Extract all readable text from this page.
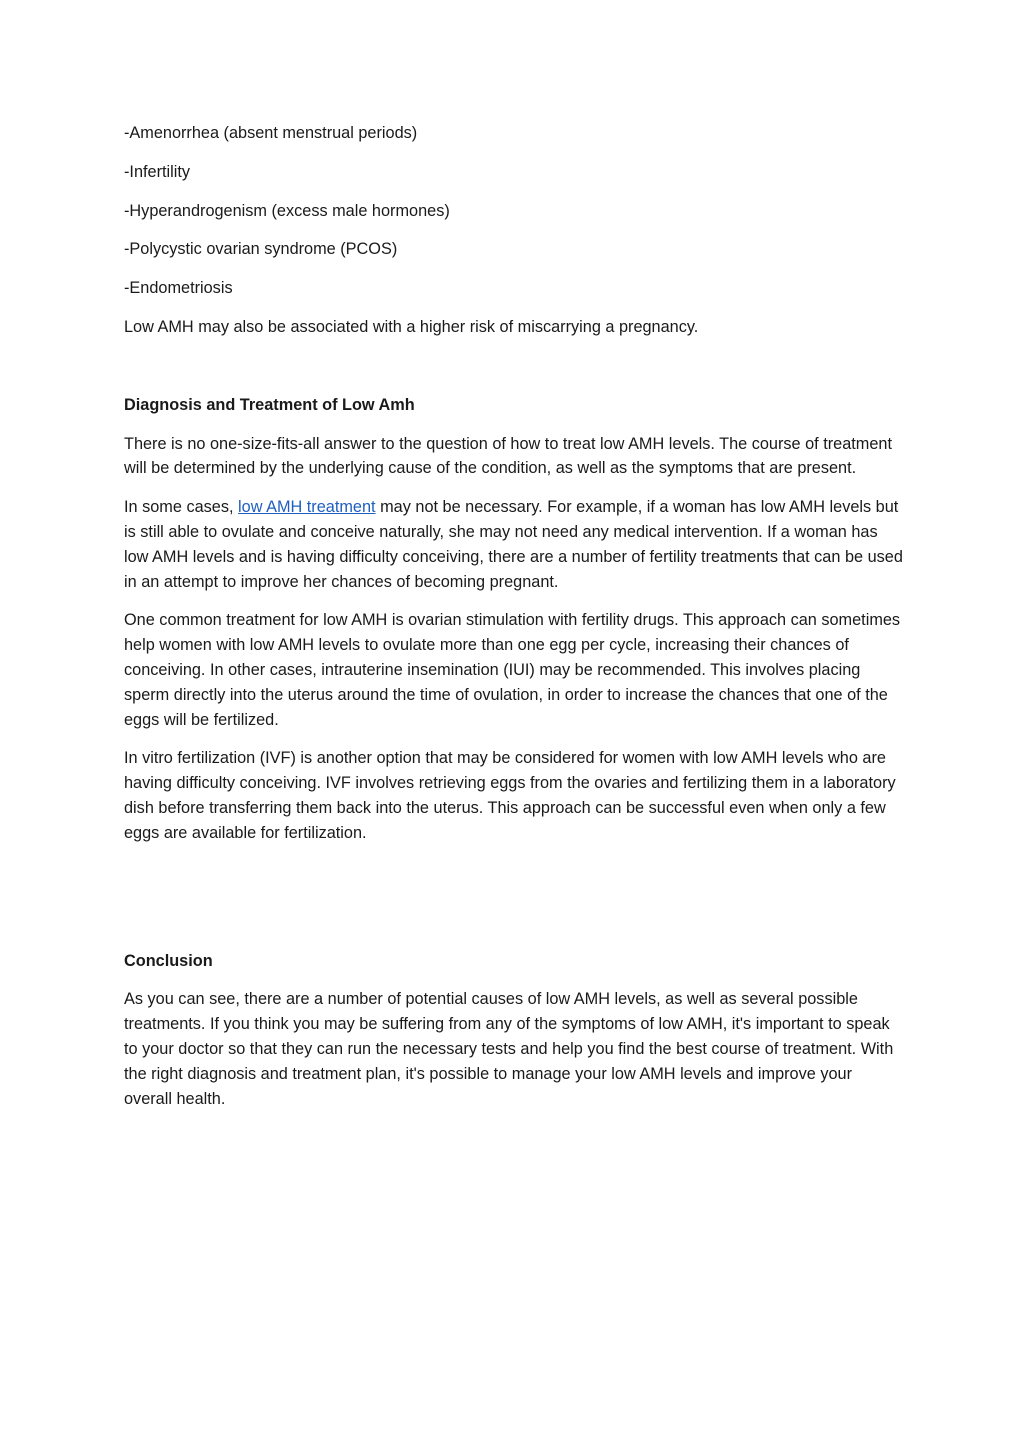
-Amenorrhea (absent menstrual periods)

-Infertility

-Hyperandrogenism (excess male hormones)

-Polycystic ovarian syndrome (PCOS)

-Endometriosis

Low AMH may also be associated with a higher risk of miscarrying a pregnancy.

Diagnosis and Treatment of Low Amh

There is no one-size-fits-all answer to the question of how to treat low AMH levels. The course of treatment will be determined by the underlying cause of the condition, as well as the symptoms that are present.

In some cases, low AMH treatment may not be necessary. For example, if a woman has low AMH levels but is still able to ovulate and conceive naturally, she may not need any medical intervention. If a woman has low AMH levels and is having difficulty conceiving, there are a number of fertility treatments that can be used in an attempt to improve her chances of becoming pregnant.

One common treatment for low AMH is ovarian stimulation with fertility drugs. This approach can sometimes help women with low AMH levels to ovulate more than one egg per cycle, increasing their chances of conceiving. In other cases, intrauterine insemination (IUI) may be recommended. This involves placing sperm directly into the uterus around the time of ovulation, in order to increase the chances that one of the eggs will be fertilized.

In vitro fertilization (IVF) is another option that may be considered for women with low AMH levels who are having difficulty conceiving. IVF involves retrieving eggs from the ovaries and fertilizing them in a laboratory dish before transferring them back into the uterus. This approach can be successful even when only a few eggs are available for fertilization.

Conclusion

As you can see, there are a number of potential causes of low AMH levels, as well as several possible treatments. If you think you may be suffering from any of the symptoms of low AMH, it's important to speak to your doctor so that they can run the necessary tests and help you find the best course of treatment. With the right diagnosis and treatment plan, it's possible to manage your low AMH levels and improve your overall health.
